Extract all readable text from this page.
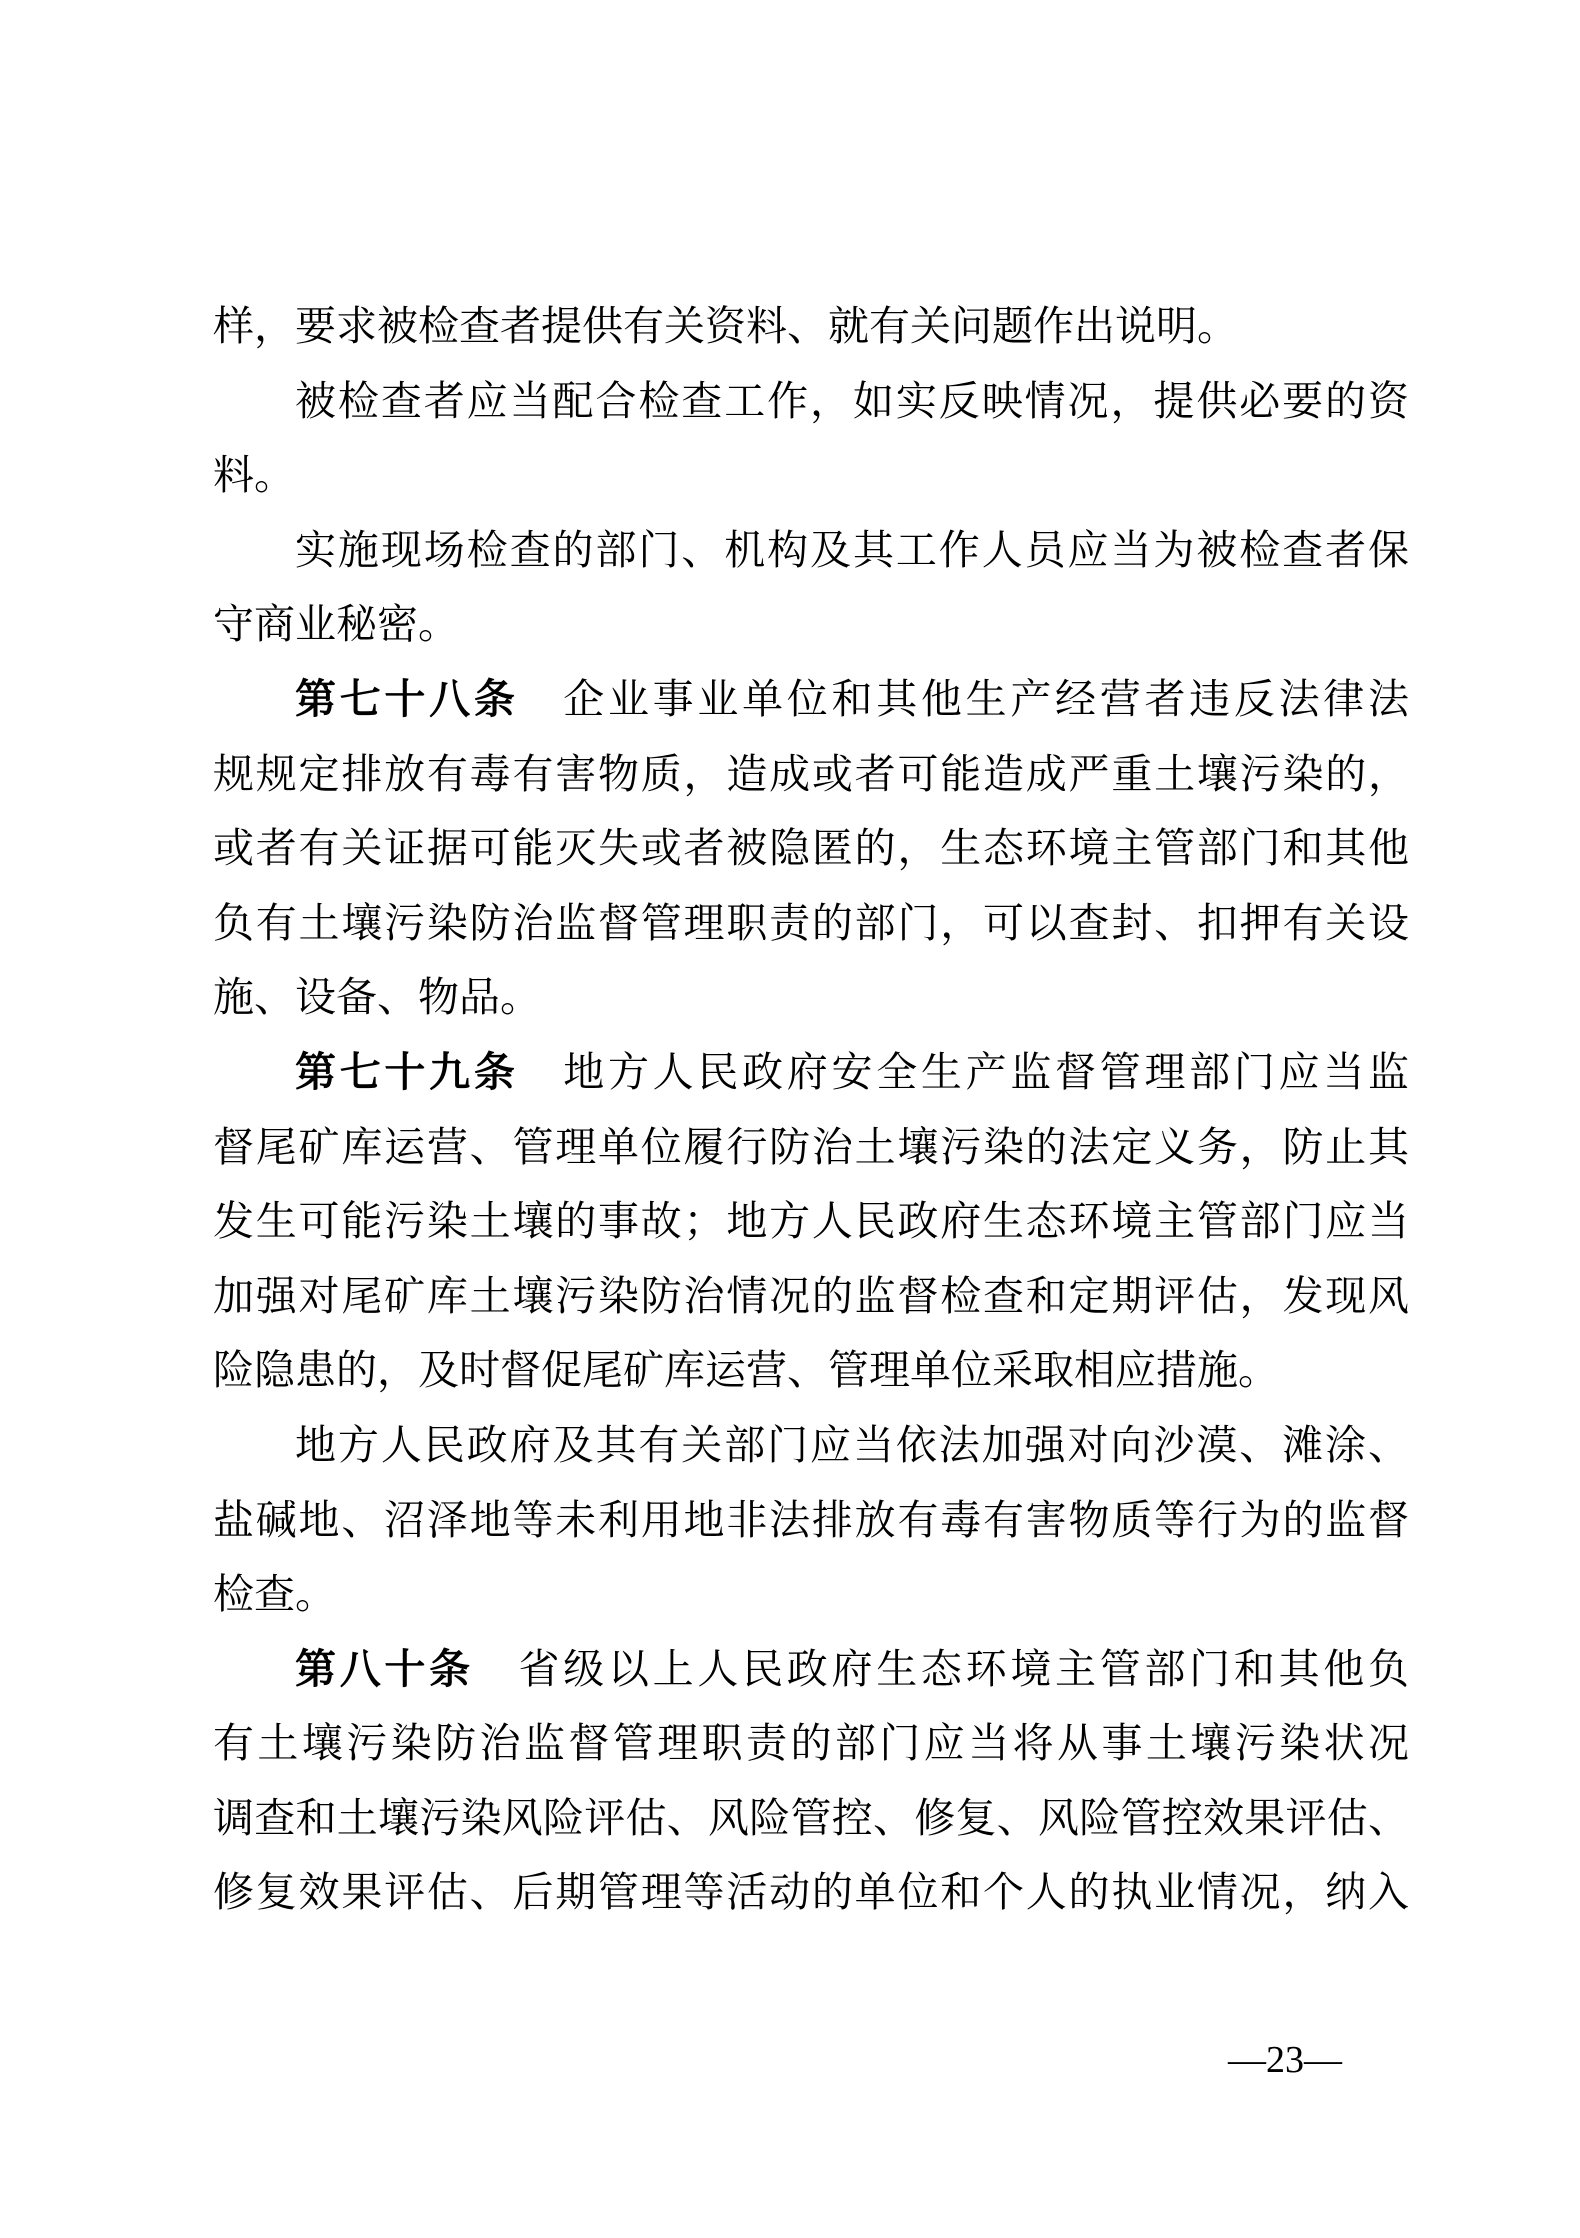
样，要求被检查者提供有关资料、就有关问题作出说明。
被检查者应当配合检查工作，如实反映情况，提供必要的资
料。
实施现场检查的部门、机构及其工作人员应当为被检查者保
守商业秘密。
第七十八条　企业事业单位和其他生产经营者违反法律法
规规定排放有毒有害物质，造成或者可能造成严重土壤污染的，
或者有关证据可能灭失或者被隐匿的，生态环境主管部门和其他
负有土壤污染防治监督管理职责的部门，可以查封、扣押有关设
施、设备、物品。
第七十九条　地方人民政府安全生产监督管理部门应当监
督尾矿库运营、管理单位履行防治土壤污染的法定义务，防止其
发生可能污染土壤的事故；地方人民政府生态环境主管部门应当
加强对尾矿库土壤污染防治情况的监督检查和定期评估，发现风
险隐患的，及时督促尾矿库运营、管理单位采取相应措施。
地方人民政府及其有关部门应当依法加强对向沙漠、滩涂、
盐碱地、沼泽地等未利用地非法排放有毒有害物质等行为的监督
检查。
第八十条　省级以上人民政府生态环境主管部门和其他负
有土壤污染防治监督管理职责的部门应当将从事土壤污染状况
调查和土壤污染风险评估、风险管控、修复、风险管控效果评估、
修复效果评估、后期管理等活动的单位和个人的执业情况，纳入
—23—
